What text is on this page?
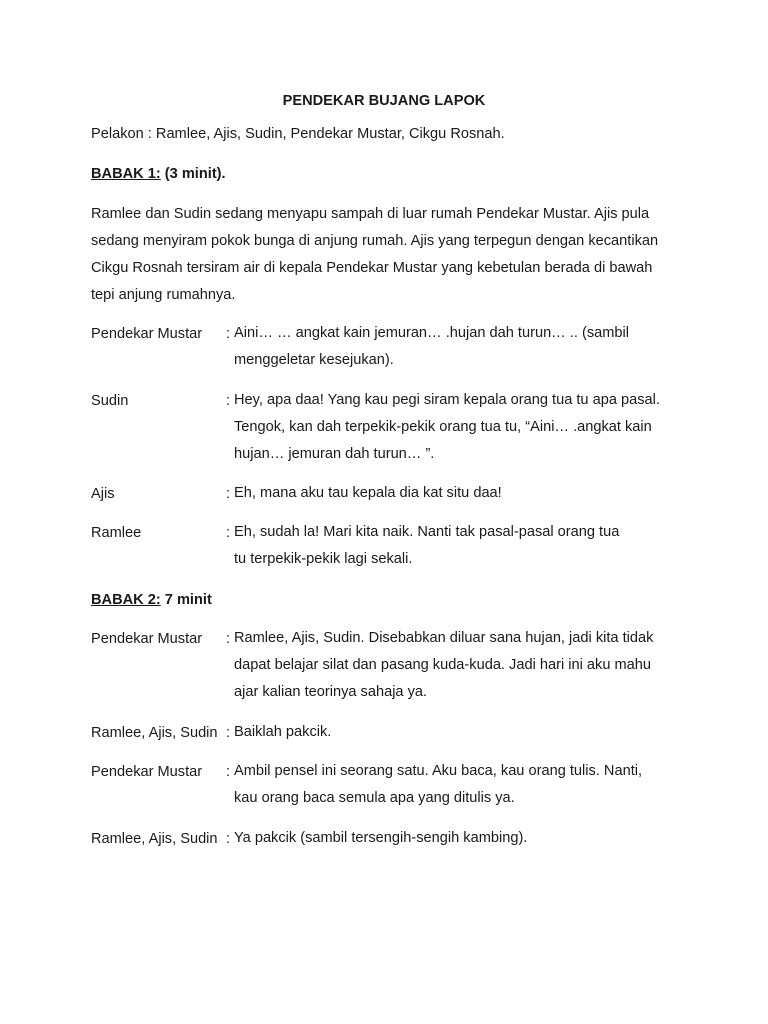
PENDEKAR BUJANG LAPOK
Pelakon : Ramlee, Ajis, Sudin, Pendekar Mustar, Cikgu Rosnah.
BABAK 1: (3 minit).
Ramlee dan Sudin sedang menyapu sampah di luar rumah Pendekar Mustar. Ajis pula
sedang menyiram pokok bunga di anjung rumah. Ajis yang terpegun dengan kecantikan
Cikgu Rosnah tersiram air di kepala Pendekar Mustar yang kebetulan berada di bawah
tepi anjung rumahnya.
Pendekar Mustar : Aini… … angkat kain jemuran… .hujan dah turun… .. (sambil
menggeletar kesejukan).
Sudin	: Hey, apa daa! Yang kau pegi siram kepala orang tua tu apa pasal.
Tengok, kan dah terpekik-pekik orang tua tu, “Aini… .angkat kain
hujan… jemuran dah turun… ”.
Ajis	: Eh, mana aku tau kepala dia kat situ daa!
Ramlee	: Eh, sudah la! Mari kita naik. Nanti tak pasal-pasal orang tua
tu terpekik-pekik lagi sekali.
BABAK 2: 7 minit
Pendekar Mustar : Ramlee, Ajis, Sudin. Disebabkan diluar sana hujan, jadi kita tidak
dapat belajar silat dan pasang kuda-kuda. Jadi hari ini aku mahu
ajar kalian teorinya sahaja ya.
Ramlee, Ajis, Sudin : Baiklah pakcik.
Pendekar Mustar : Ambil pensel ini seorang satu. Aku baca, kau orang tulis. Nanti,
kau orang baca semula apa yang ditulis ya.
Ramlee, Ajis, Sudin : Ya pakcik (sambil tersengih-sengih kambing).
